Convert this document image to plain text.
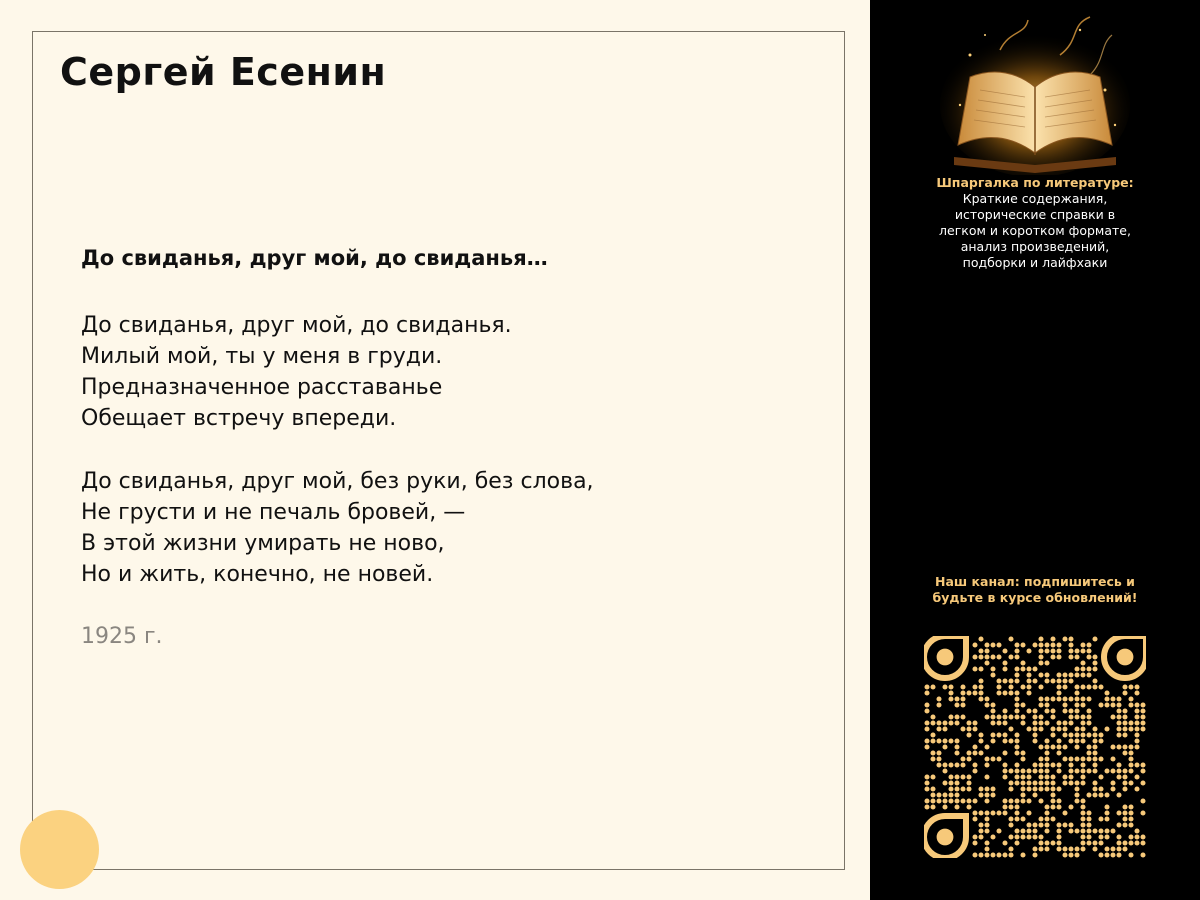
Сергей Есенин
До свиданья, друг мой, до свиданья…
До свиданья, друг мой, до свиданья.
Милый мой, ты у меня в груди.
Предназначенное расставанье
Обещает встречу впереди.
До свиданья, друг мой, без руки, без слова,
Не грусти и не печаль бровей, —
В этой жизни умирать не ново,
Но и жить, конечно, не новей.
1925 г.
Шпаргалка по литературе:
Краткие содержания, исторические справки в легком и коротком формате, анализ произведений, подборки и лайфхаки
Наш канал: подпишитесь и будьте в курсе обновлений!
